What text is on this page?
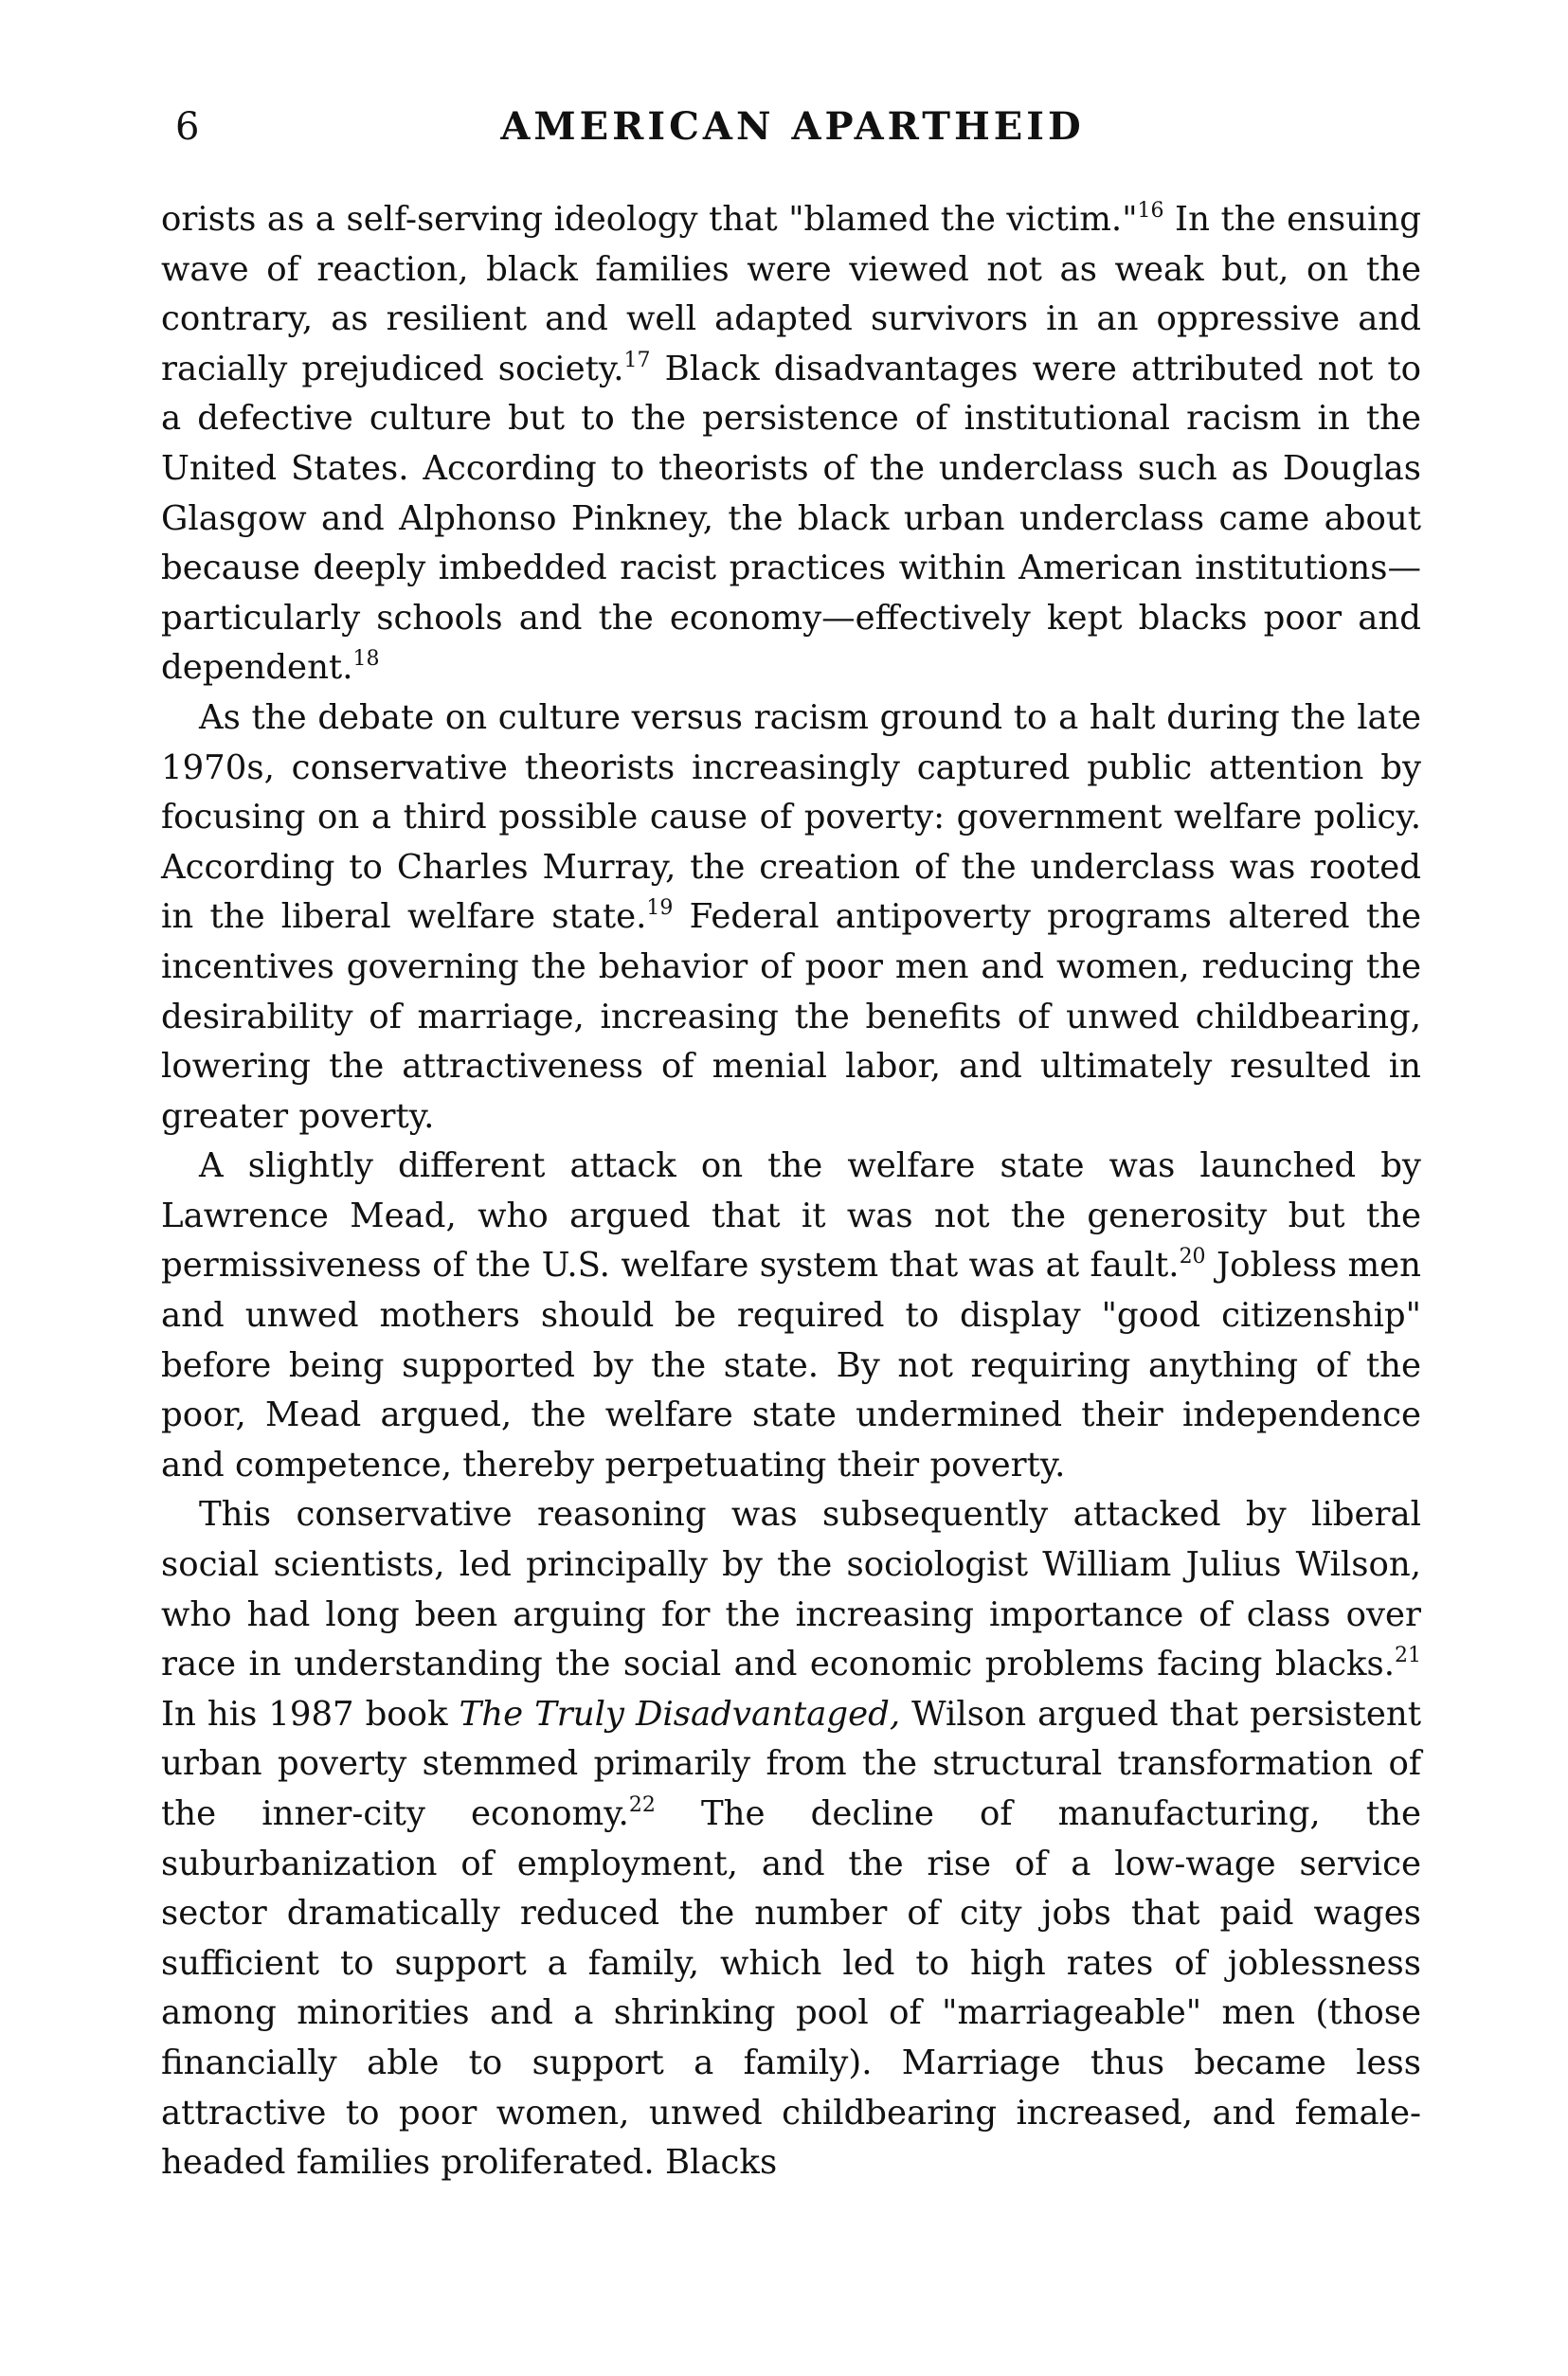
6	AMERICAN APARTHEID

orists as a self-serving ideology that "blamed the victim."$^{16}$ In the ensuing wave of reaction, black families were viewed not as weak but, on the contrary, as resilient and well adapted survivors in an oppressive and racially prejudiced society.$^{17}$ Black disadvantages were attributed not to a defective culture but to the persistence of institutional racism in the United States. According to theorists of the underclass such as Douglas Glasgow and Alphonso Pinkney, the black urban underclass came about because deeply imbedded racist practices within American institutions—particularly schools and the economy—effectively kept blacks poor and dependent.$^{18}$

As the debate on culture versus racism ground to a halt during the late 1970s, conservative theorists increasingly captured public attention by focusing on a third possible cause of poverty: government welfare policy. According to Charles Murray, the creation of the underclass was rooted in the liberal welfare state.$^{19}$ Federal antipoverty programs altered the incentives governing the behavior of poor men and women, reducing the desirability of marriage, increasing the benefits of unwed childbearing, lowering the attractiveness of menial labor, and ultimately resulted in greater poverty.

A slightly different attack on the welfare state was launched by Lawrence Mead, who argued that it was not the generosity but the permissiveness of the U.S. welfare system that was at fault.$^{20}$ Jobless men and unwed mothers should be required to display "good citizenship" before being supported by the state. By not requiring anything of the poor, Mead argued, the welfare state undermined their independence and competence, thereby perpetuating their poverty.

This conservative reasoning was subsequently attacked by liberal social scientists, led principally by the sociologist William Julius Wilson, who had long been arguing for the increasing importance of class over race in understanding the social and economic problems facing blacks.$^{21}$ In his 1987 book The Truly Disadvantaged, Wilson argued that persistent urban poverty stemmed primarily from the structural transformation of the inner-city economy.$^{22}$ The decline of manufacturing, the suburbanization of employment, and the rise of a low-wage service sector dramatically reduced the number of city jobs that paid wages sufficient to support a family, which led to high rates of joblessness among minorities and a shrinking pool of "marriageable" men (those financially able to support a family). Marriage thus became less attractive to poor women, unwed childbearing increased, and female-headed families proliferated. Blacks
